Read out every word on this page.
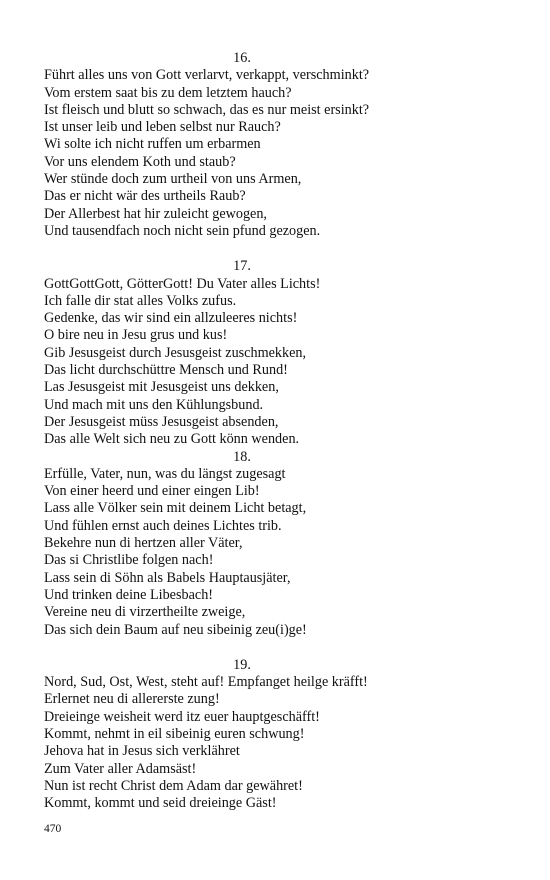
16.
Führt alles uns von Gott verlarvt, verkappt, verschminkt?
Vom erstem saat bis zu dem letztem hauch?
Ist fleisch und blutt so schwach, das es nur meist ersinkt?
Ist unser leib und leben selbst nur Rauch?
Wi solte ich nicht ruffen um erbarmen
Vor uns elendem Koth und staub?
Wer stünde doch zum urtheil von uns Armen,
Das er nicht wär des urtheils Raub?
Der Allerbest hat hir zuleicht gewogen,
Und tausendfach noch nicht sein pfund gezogen.
17.
GottGottGott, GötterGott! Du Vater alles Lichts!
Ich falle dir stat alles Volks zufus.
Gedenke, das wir sind ein allzuleeres nichts!
O bire neu in Jesu grus und kus!
Gib Jesusgeist durch Jesusgeist zuschmekken,
Das licht durchschüttre Mensch und Rund!
Las Jesusgeist mit Jesusgeist uns dekken,
Und mach mit uns den Kühlungsbund.
Der Jesusgeist müss Jesusgeist absenden,
Das alle Welt sich neu zu Gott könn wenden.
18.
Erfülle, Vater, nun, was du längst zugesagt
Von einer heerd und einer eingen Lib!
Lass alle Völker sein mit deinem Licht betagt,
Und fühlen ernst auch deines Lichtes trib.
Bekehre nun di hertzen aller Väter,
Das si Christlibe folgen nach!
Lass sein di Söhn als Babels Hauptausjäter,
Und trinken deine Libesbach!
Vereine neu di virzertheilte zweige,
Das sich dein Baum auf neu sibeinig zeu(i)ge!
19.
Nord, Sud, Ost, West, steht auf! Empfanget heilge kräfft!
Erlernet neu di allererste zung!
Dreieinge weisheit werd itz euer hauptgeschäfft!
Kommt, nehmt in eil sibeinig euren schwung!
Jehova hat in Jesus sich verklähret
Zum Vater aller Adamsäst!
Nun ist recht Christ dem Adam dar gewähret!
Kommt, kommt und seid dreieinge Gäst!
470
